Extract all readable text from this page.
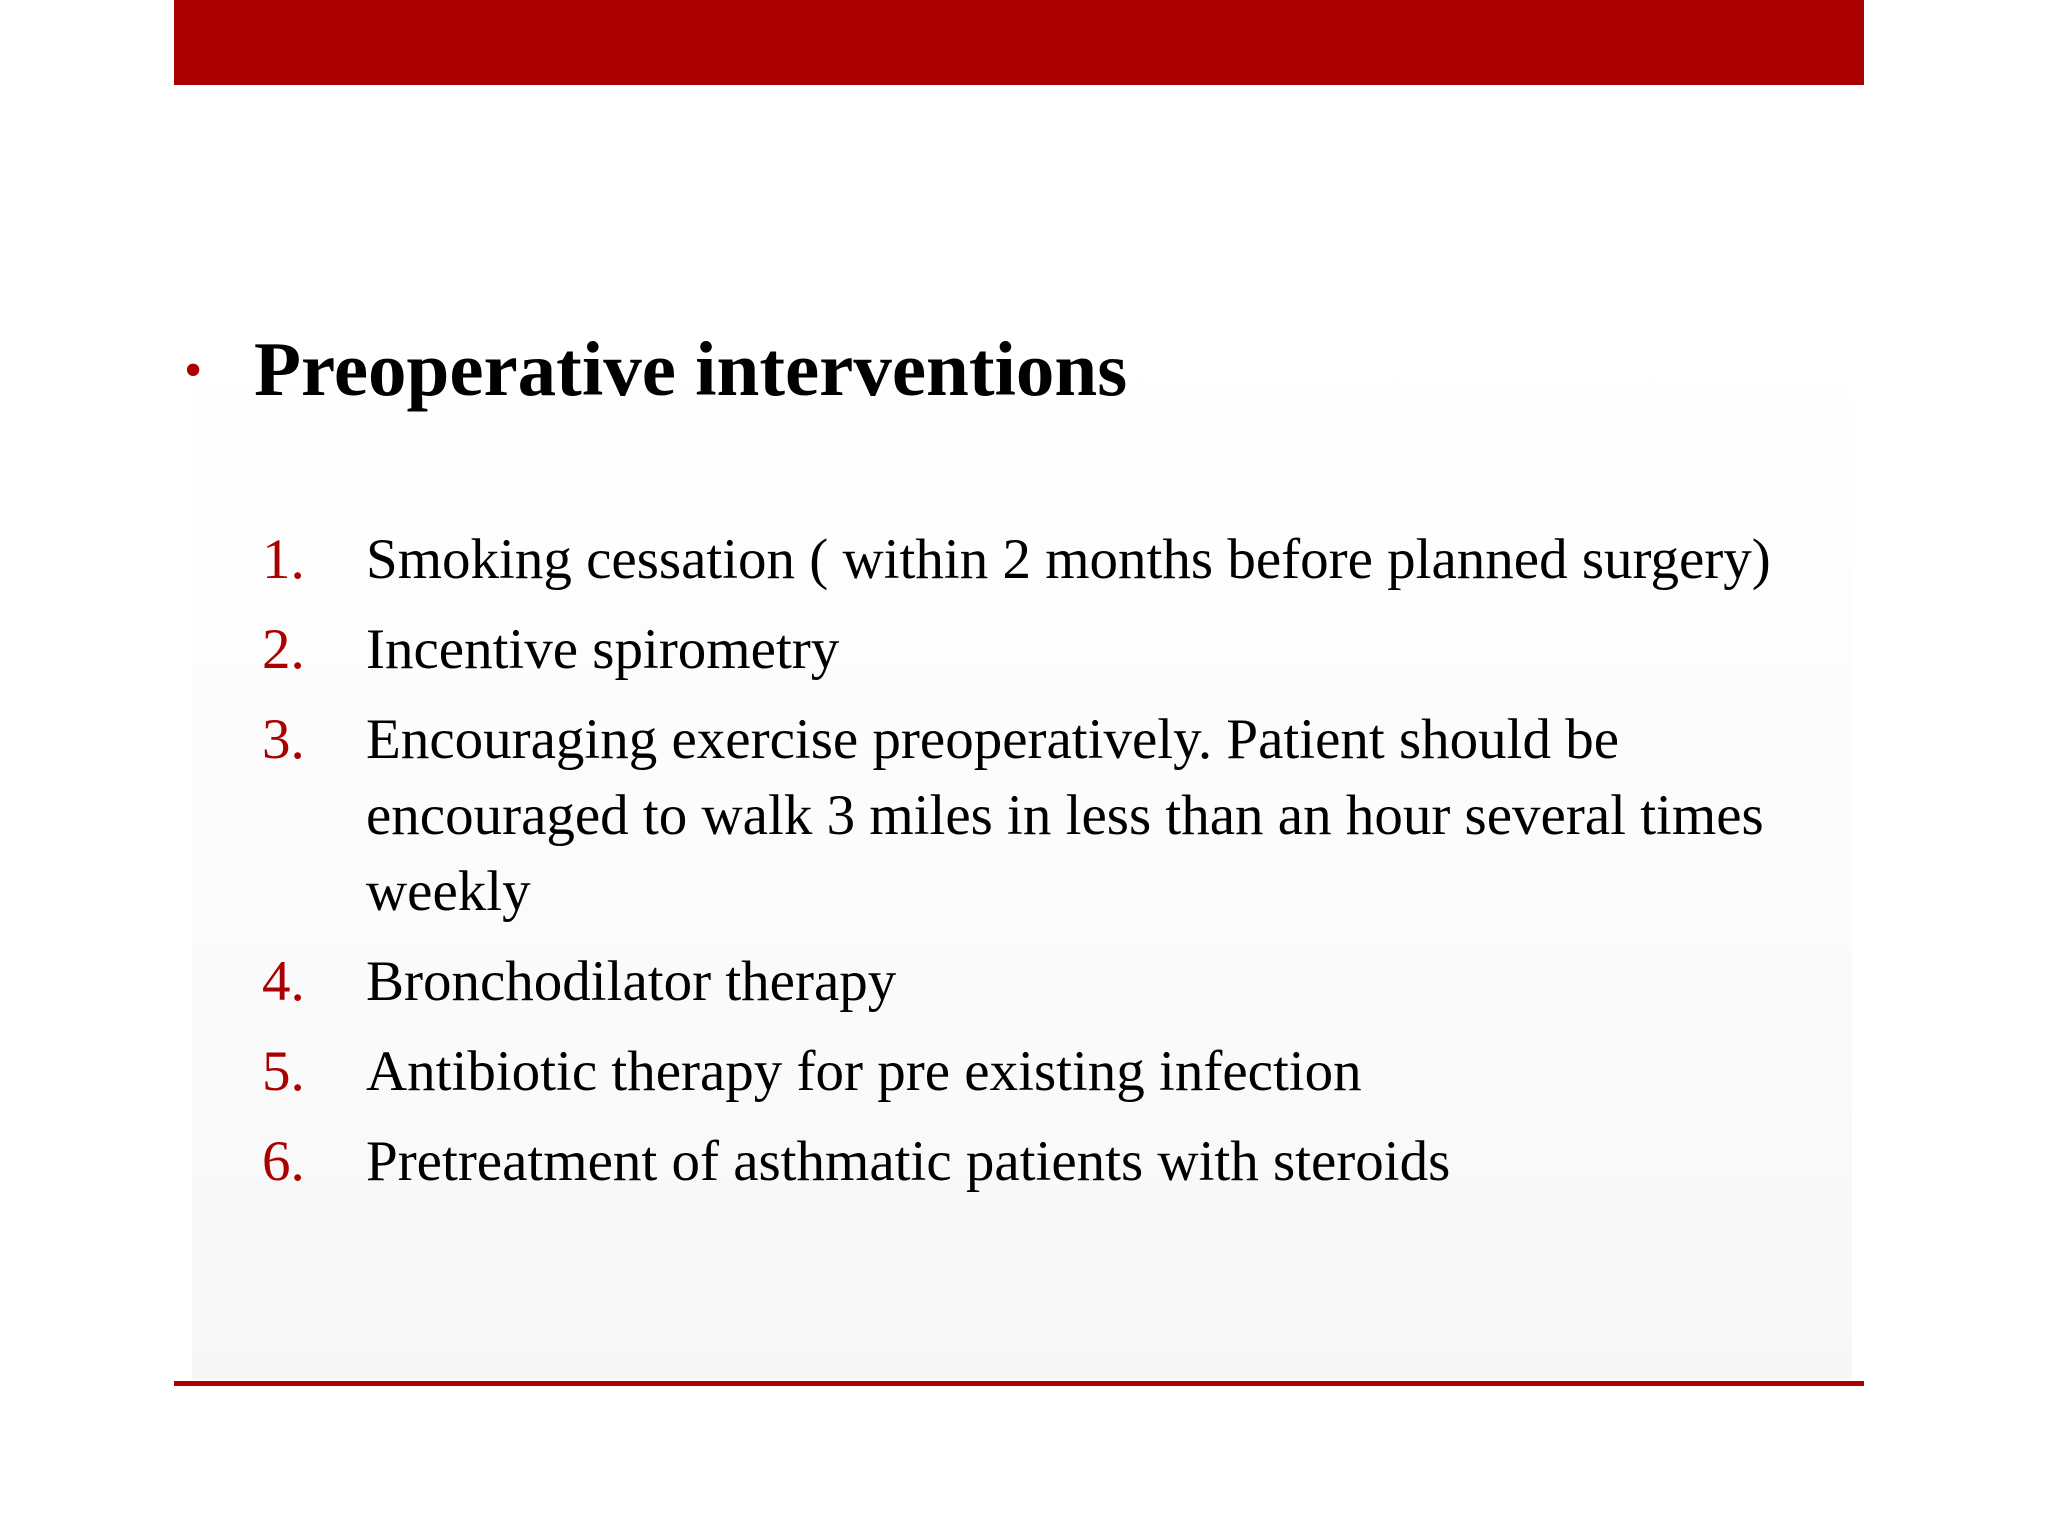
• Preoperative interventions
1.	Smoking cessation ( within 2 months before planned surgery)
2.	Incentive spirometry
3.	Encouraging exercise preoperatively. Patient should be encouraged to walk 3 miles in less than an hour several times weekly
4.	Bronchodilator therapy
5.	Antibiotic therapy for pre existing infection
6.	Pretreatment of asthmatic patients with steroids
